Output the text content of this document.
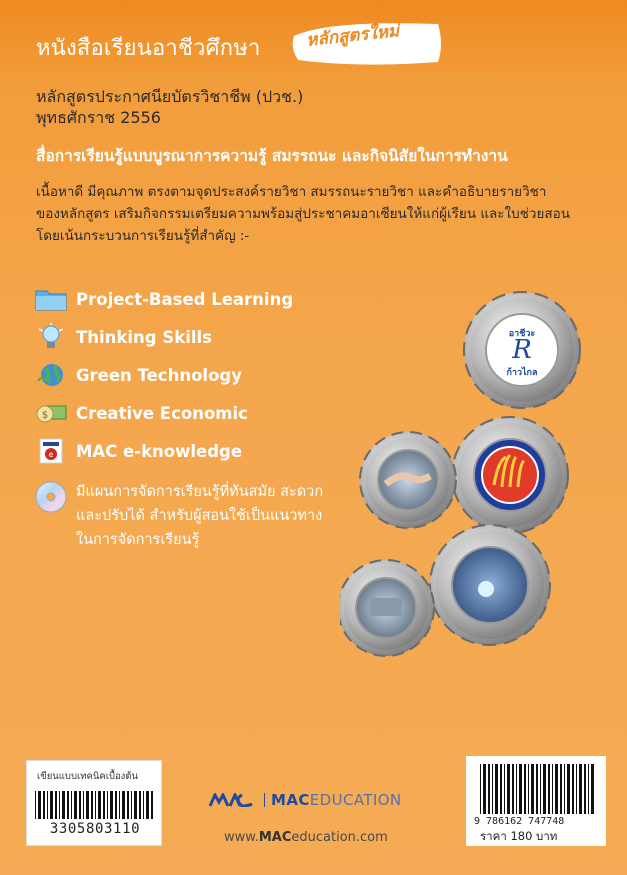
หนังสือเรียนอาชีวศึกษา	หลักสูตรใหม่
หลักสูตรประกาศนียบัตรวิชาชีพ (ปวช.)
พุทธศักราช 2556
สื่อการเรียนรู้แบบบูรณาการความรู้ สมรรถนะ และกิจนิสัยในการทำงาน
เนื้อหาดี มีคุณภาพ ตรงตามจุดประสงค์รายวิชา สมรรถนะรายวิชา และคำอธิบายรายวิชา
ของหลักสูตร เสริมกิจกรรมเตรียมความพร้อมสู่ประชาคมอาเซียนให้แก่ผู้เรียน และใบช่วยสอน
โดยเน้นกระบวนการเรียนรู้ที่สำคัญ :-
Project-Based Learning
Thinking Skills
Green Technology
$ Creative Economic
e MAC e-knowledge
มีแผนการจัดการเรียนรู้ที่ทันสมัย สะดวก
และปรับได้ สำหรับผู้สอนใช้เป็นแนวทาง
ในการจัดการเรียนรู้
อาชีวะ
R
ก้าวไกล
เขียนแบบเทคนิคเบื้องต้น
3305803110	9 786162 747748
ราคา 180 บาท
MACEDUCATION
www.MACeducation.com
